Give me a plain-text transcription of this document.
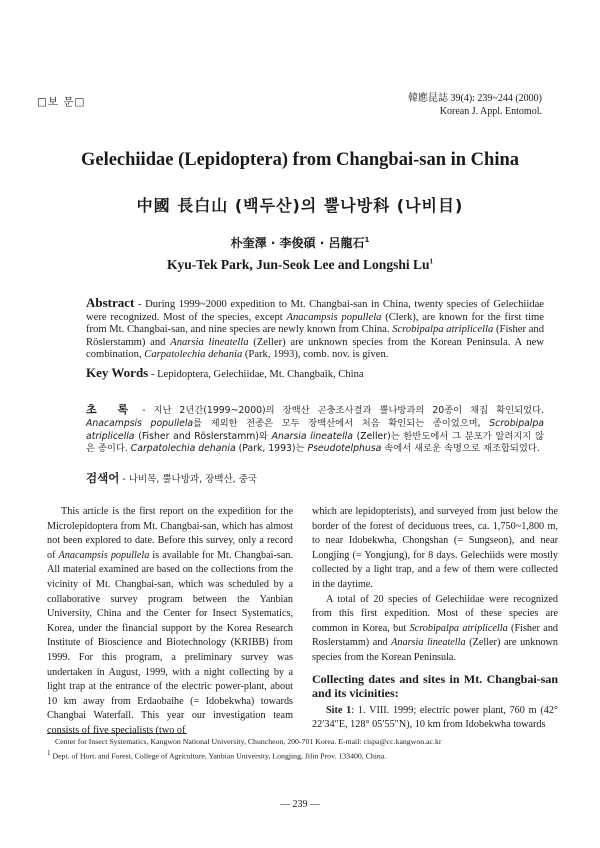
□보 문□	韓應昆誌 39(4): 239~244 (2000)
Korean J. Appl. Entomol.
Gelechiidae (Lepidoptera) from Changbai-san in China
中國 長白山 (백두산)의 뿔나방科 (나비目)
朴奎澤 · 李俊碩 · 呂龍石$^1$
Kyu-Tek Park, Jun-Seok Lee and Longshi Lu$^1$
Abstract - During 1999~2000 expedition to Mt. Changbai-san in China, twenty species of Gelechiidae were recognized. Most of the species, except Anacampsis popullela (Clerk), are known for the first time from Mt. Changbai-san, and nine species are newly known from China. Scrobipalpa atriplicella (Fisher and Röslerstamm) and Anarsia lineatella (Zeller) are unknown species from the Korean Peninsula. A new combination, Carpatolechia dehania (Park, 1993), comb. nov. is given.
Key Words - Lepidoptera, Gelechiidae, Mt. Changbaik, China
초 록 - 지난 2년간(1999~2000)의 장백산 곤충조사결과 뿔나방과의 20종이 채집 확인되었다. Anacampsis popullela를 제외한 전종은 모두 장백산에서 처음 확인되는 종이었으며, Scrobipalpa atriplicella (Fisher and Röslerstamm)와 Anarsia lineatella (Zeller)는 한반도에서 그 분포가 알려지지 않은 종이다. Carpatolechia dehania (Park, 1993)는 Pseudotelphusa 속에서 새로운 속명으로 재조합되었다.
검색어 - 나비목, 뿔나방과, 장백산, 중국

This article is the first report on the expedition for the Microlepidoptera from Mt. Changbai-san, which has almost not been explored to date. Before this survey, only a record of Anacampsis popullela is available for Mt. Changbai-san. All material examined are based on the collections from the vicinity of Mt. Changbai-san, which was scheduled by a collaborative survey program between the Yanbian University, China and the Center for Insect Systematics, Korea, under the financial support by the Korea Research Institute of Bioscience and Biotechnology (KRIBB) from 1999. For this program, a preliminary survey was undertaken in August, 1999, with a night collecting by a light trap at the entrance of the electric power-plant, about 10 km away from Erdaobaihe (= Idobekwha) towards Changbai Waterfall. This year our investigation team consists of five specialists (two of

which are lepidopterists), and surveyed from just below the border of the forest of deciduous trees, ca. 1,750~1,800 m, to near Idobekwha, Chongshan (= Sungseon), and near Longjing (= Yongjung), for 8 days. Gelechiids were mostly collected by a light trap, and a few of them were collected in the daytime.

A total of 20 species of Gelechiidae were recognized from this first expedition. Most of these species are common in Korea, but Scrobipalpa atriplicella (Fisher and Roslerstamm) and Anarsia lineatella (Zeller) are unknown species from the Korean Peninsula.

Collecting dates and sites in Mt. Changbai-san and its vicinities:

Site 1: 1. VIII. 1999; electric power plant, 760 m (42° 22′34″E, 128° 05′55″N), 10 km from Idobekwha towards

Center for Insect Systematics, Kangwon National University, Chuncheon, 200-701 Korea. E-mail: cispa@cc.kangwon.ac.kr
$^1$ Dept. of Hort. and Forest, College of Agriculture, Yanbian University, Longjing, Jilin Prov. 133400, China.
— 239 —
